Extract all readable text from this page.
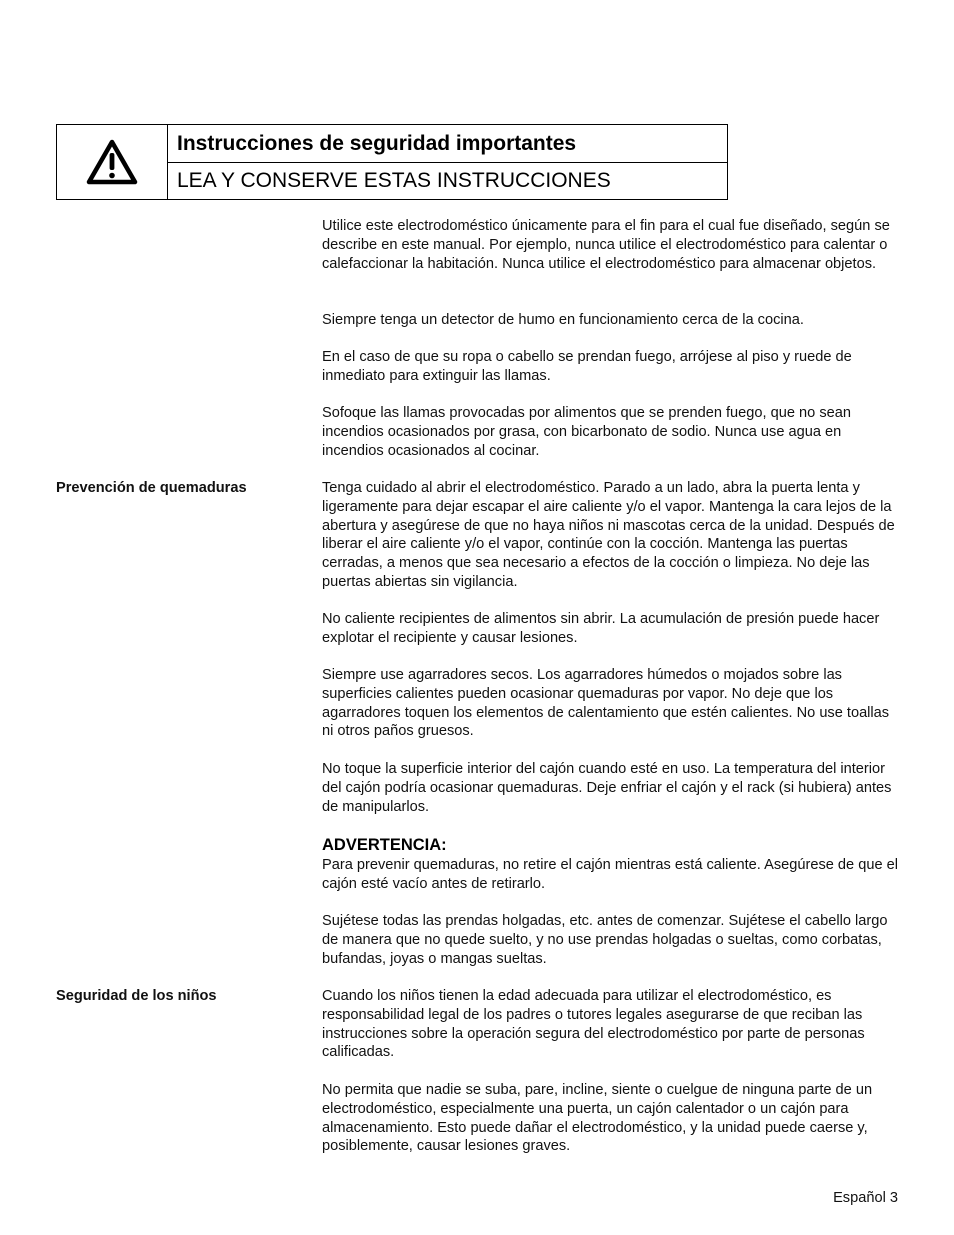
Instrucciones de seguridad importantes
LEA Y CONSERVE ESTAS INSTRUCCIONES

Utilice este electrodoméstico únicamente para el fin para el cual fue diseñado, según se describe en este manual. Por ejemplo, nunca utilice el electrodoméstico para calentar o calefaccionar la habitación. Nunca utilice el electrodoméstico para almacenar objetos.

Siempre tenga un detector de humo en funcionamiento cerca de la cocina.

En el caso de que su ropa o cabello se prendan fuego, arrójese al piso y ruede de inmediato para extinguir las llamas.

Sofoque las llamas provocadas por alimentos que se prenden fuego, que no sean incendios ocasionados por grasa, con bicarbonato de sodio. Nunca use agua en incendios ocasionados al cocinar.

Prevención de quemaduras	Tenga cuidado al abrir el electrodoméstico. Parado a un lado, abra la puerta lenta y ligeramente para dejar escapar el aire caliente y/o el vapor. Mantenga la cara lejos de la abertura y asegúrese de que no haya niños ni mascotas cerca de la unidad. Después de liberar el aire caliente y/o el vapor, continúe con la cocción. Mantenga las puertas cerradas, a menos que sea necesario a efectos de la cocción o limpieza. No deje las puertas abiertas sin vigilancia.

No caliente recipientes de alimentos sin abrir. La acumulación de presión puede hacer explotar el recipiente y causar lesiones.

Siempre use agarradores secos. Los agarradores húmedos o mojados sobre las superficies calientes pueden ocasionar quemaduras por vapor. No deje que los agarradores toquen los elementos de calentamiento que estén calientes. No use toallas ni otros paños gruesos.

No toque la superficie interior del cajón cuando esté en uso. La temperatura del interior del cajón podría ocasionar quemaduras. Deje enfriar el cajón y el rack (si hubiera) antes de manipularlos.

ADVERTENCIA:

Para prevenir quemaduras, no retire el cajón mientras está caliente. Asegúrese de que el cajón esté vacío antes de retirarlo.

Sujétese todas las prendas holgadas, etc. antes de comenzar. Sujétese el cabello largo de manera que no quede suelto, y no use prendas holgadas o sueltas, como corbatas, bufandas, joyas o mangas sueltas.

Seguridad de los niños	Cuando los niños tienen la edad adecuada para utilizar el electrodoméstico, es responsabilidad legal de los padres o tutores legales asegurarse de que reciban las instrucciones sobre la operación segura del electrodoméstico por parte de personas calificadas.

No permita que nadie se suba, pare, incline, siente o cuelgue de ninguna parte de un electrodoméstico, especialmente una puerta, un cajón calentador o un cajón para almacenamiento. Esto puede dañar el electrodoméstico, y la unidad puede caerse y, posiblemente, causar lesiones graves.

Español 3
